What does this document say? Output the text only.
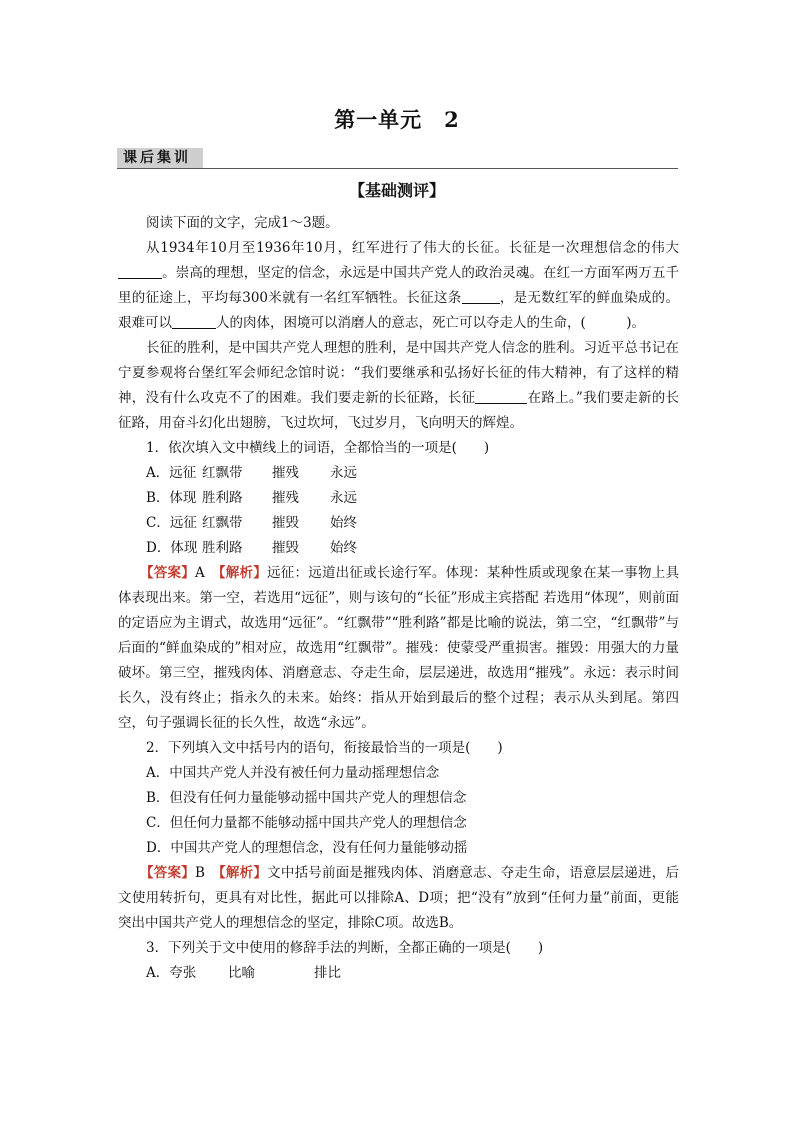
第一单元　2
课后集训
【基础测评】

阅读下面的文字，完成1～3题。

从1934年10月至1936年10月，红军进行了伟大的长征。长征是一次理想信念的伟大。崇高的理想，坚定的信念，永远是中国共产党人的政治灵魂。在红一方面军两万五千里的征途上，平均每300米就有一名红军牺牲。长征这条	，是无数红军的鲜血染成的。艰难可以	人的肉体，困境可以消磨人的意志，死亡可以夺走人的生命，(　　　)。

长征的胜利，是中国共产党人理想的胜利，是中国共产党人信念的胜利。习近平总书记在宁夏参观将台堡红军会师纪念馆时说：“我们要继承和弘扬好长征的伟大精神，有了这样的精神，没有什么攻克不了的困难。我们要走新的长征路，长征	在路上。”我们要走新的长征路，用奋斗幻化出翅膀，飞过坎坷，飞过岁月，飞向明天的辉煌。

1．依次填入文中横线上的词语，全都恰当的一项是(　　)

A．远征 红飘带 摧残 永远

B．体现 胜利路 摧残 永远

C．远征 红飘带 摧毁 始终

D．体现 胜利路 摧毁 始终

【答案】A　【解析】远征：远道出征或长途行军。体现：某种性质或现象在某一事物上具体表现出来。第一空，若选用“远征”，则与该句的“长征”形成主宾搭配 若选用“体现”，则前面的定语应为主谓式，故选用“远征”。“红飘带”“胜利路”都是比喻的说法，第二空，“红飘带”与后面的“鲜血染成的”相对应，故选用“红飘带”。摧残：使蒙受严重损害。摧毁：用强大的力量破坏。第三空，摧残肉体、消磨意志、夺走生命，层层递进，故选用“摧残”。永远：表示时间长久，没有终止；指永久的未来。始终：指从开始到最后的整个过程；表示从头到尾。第四空，句子强调长征的长久性，故选“永远”。

2．下列填入文中括号内的语句，衔接最恰当的一项是(　　)

A．中国共产党人并没有被任何力量动摇理想信念

B．但没有任何力量能够动摇中国共产党人的理想信念

C．但任何力量都不能够动摇中国共产党人的理想信念

D．中国共产党人的理想信念，没有任何力量能够动摇

【答案】B　【解析】文中括号前面是摧残肉体、消磨意志、夺走生命，语意层层递进，后文使用转折句，更具有对比性，据此可以排除A、D项；把“没有”放到“任何力量”前面，更能突出中国共产党人的理想信念的坚定，排除C项。故选B。

3．下列关于文中使用的修辞手法的判断，全都正确的一项是(　　)

A．夸张 比喻	排比
